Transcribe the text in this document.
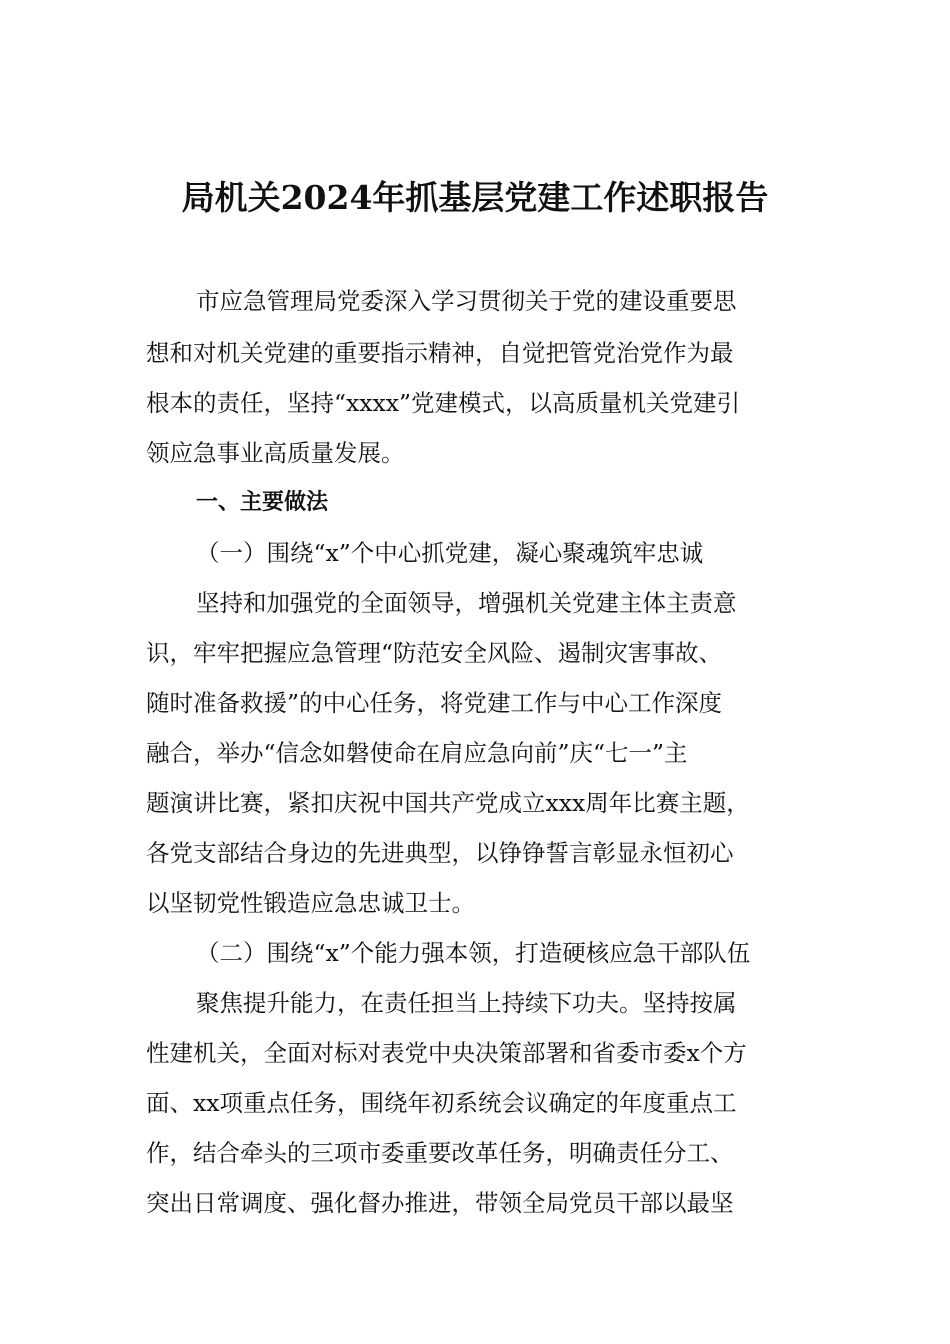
局机关2024年抓基层党建工作述职报告
市应急管理局党委深入学习贯彻关于党的建设重要思
想和对机关党建的重要指示精神，自觉把管党治党作为最
根本的责任，坚持“xxxx”党建模式，以高质量机关党建引
领应急事业高质量发展。
一、主要做法
（一）围绕“x”个中心抓党建，凝心聚魂筑牢忠诚
坚持和加强党的全面领导，增强机关党建主体主责意
识，牢牢把握应急管理“防范安全风险、遏制灾害事故、
随时准备救援”的中心任务，将党建工作与中心工作深度
融合，举办“信念如磐使命在肩应急向前”庆“七一”主
题演讲比赛，紧扣庆祝中国共产党成立xxx周年比赛主题，
各党支部结合身边的先进典型，以铮铮誓言彰显永恒初心
以坚韧党性锻造应急忠诚卫士。
（二）围绕“x”个能力强本领，打造硬核应急干部队伍
聚焦提升能力，在责任担当上持续下功夫。坚持按属
性建机关，全面对标对表党中央决策部署和省委市委x个方
面、xx项重点任务，围绕年初系统会议确定的年度重点工
作，结合牵头的三项市委重要改革任务，明确责任分工、
突出日常调度、强化督办推进，带领全局党员干部以最坚
